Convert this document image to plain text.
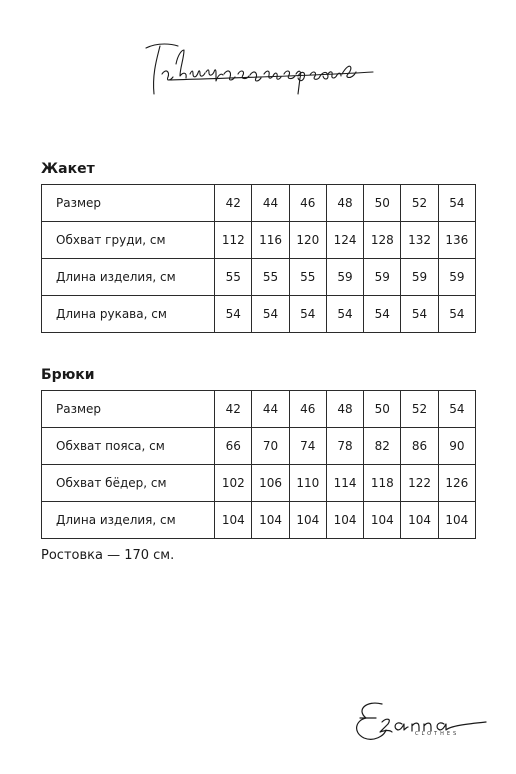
Жакет
Размер	42	44	46	48	50	52	54
Обхват груди, см	112	116	120	124	128	132	136
Длина изделия, см	55	55	55	59	59	59	59
Длина рукава, см	54	54	54	54	54	54	54
Брюки
Размер	42	44	46	48	50	52	54
Обхват пояса, см	66	70	74	78	82	86	90
Обхват бёдер, см	102	106	110	114	118	122	126
Длина изделия, см	104	104	104	104	104	104	104
Ростовка — 170 см.
CLOTHES
